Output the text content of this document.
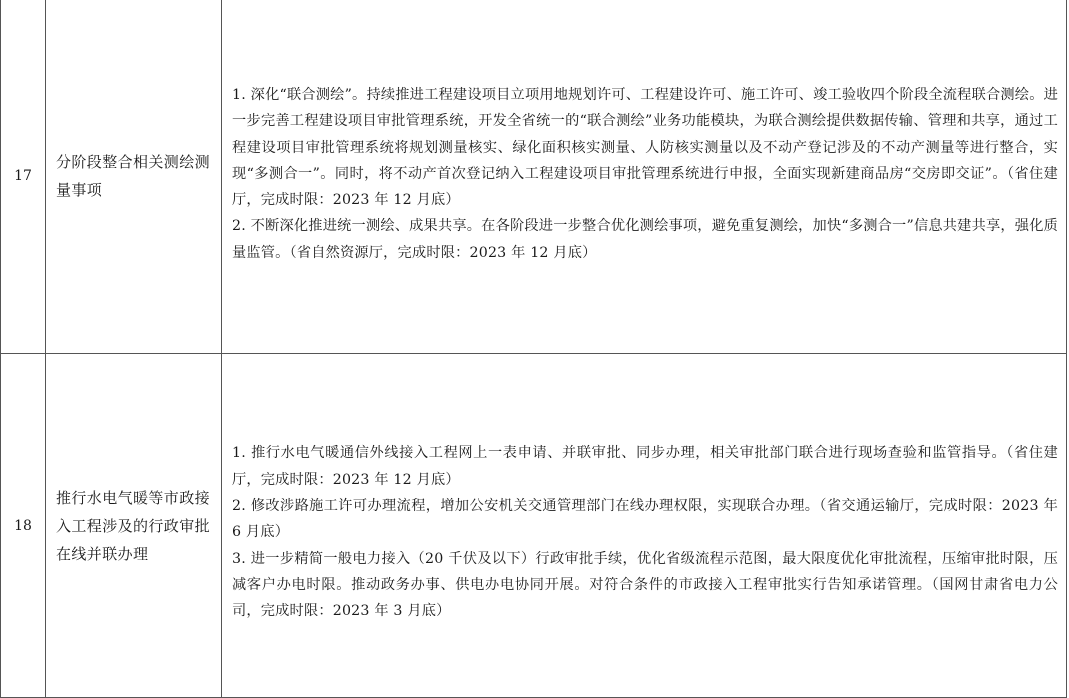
17	分阶段整合相关测绘测量事项	1. 深化“联合测绘”。持续推进工程建设项目立项用地规划许可、工程建设许可、施工许可、竣工验收四个阶段全流程联合测绘。进一步完善工程建设项目审批管理系统，开发全省统一的“联合测绘”业务功能模块，为联合测绘提供数据传输、管理和共享，通过工程建设项目审批管理系统将规划测量核实、绿化面积核实测量、人防核实测量以及不动产登记涉及的不动产测量等进行整合，实现“多测合一”。同时，将不动产首次登记纳入工程建设项目审批管理系统进行申报，全面实现新建商品房“交房即交证”。（省住建厅，完成时限：2023 年 12 月底）

2. 不断深化推进统一测绘、成果共享。在各阶段进一步整合优化测绘事项，避免重复测绘，加快“多测合一”信息共建共享，强化质量监管。（省自然资源厅，完成时限：2023 年 12 月底）

18	推行水电气暖等市政接入工程涉及的行政审批在线并联办理	1. 推行水电气暖通信外线接入工程网上一表申请、并联审批、同步办理，相关审批部门联合进行现场查验和监管指导。（省住建厅，完成时限：2023 年 12 月底）

2. 修改涉路施工许可办理流程，增加公安机关交通管理部门在线办理权限，实现联合办理。（省交通运输厅，完成时限：2023 年 6 月底）

3. 进一步精简一般电力接入（20 千伏及以下）行政审批手续，优化省级流程示范图，最大限度优化审批流程，压缩审批时限，压减客户办电时限。推动政务办事、供电办电协同开展。对符合条件的市政接入工程审批实行告知承诺管理。（国网甘肃省电力公司，完成时限：2023 年 3 月底）
